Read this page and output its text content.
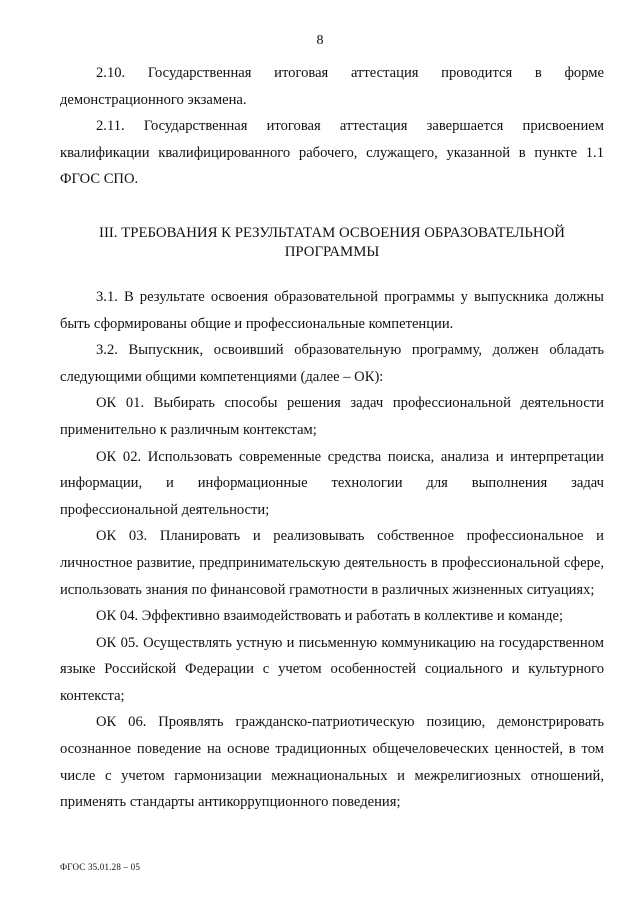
8

2.10. Государственная итоговая аттестация проводится в форме демонстрационного экзамена.

2.11. Государственная итоговая аттестация завершается присвоением квалификации квалифицированного рабочего, служащего, указанной в пункте 1.1 ФГОС СПО.

III. ТРЕБОВАНИЯ К РЕЗУЛЬТАТАМ ОСВОЕНИЯ ОБРАЗОВАТЕЛЬНОЙ ПРОГРАММЫ

3.1. В результате освоения образовательной программы у выпускника должны быть сформированы общие и профессиональные компетенции.

3.2. Выпускник, освоивший образовательную программу, должен обладать следующими общими компетенциями (далее – ОК):

ОК 01. Выбирать способы решения задач профессиональной деятельности применительно к различным контекстам;

ОК 02. Использовать современные средства поиска, анализа и интерпретации информации, и информационные технологии для выполнения задач профессиональной деятельности;

ОК 03. Планировать и реализовывать собственное профессиональное и личностное развитие, предпринимательскую деятельность в профессиональной сфере, использовать знания по финансовой грамотности в различных жизненных ситуациях;

ОК 04. Эффективно взаимодействовать и работать в коллективе и команде;

ОК 05. Осуществлять устную и письменную коммуникацию на государственном языке Российской Федерации с учетом особенностей социального и культурного контекста;

ОК 06. Проявлять гражданско-патриотическую позицию, демонстрировать осознанное поведение на основе традиционных общечеловеческих ценностей, в том числе с учетом гармонизации межнациональных и межрелигиозных отношений, применять стандарты антикоррупционного поведения;

ФГОС 35.01.28 – 05
